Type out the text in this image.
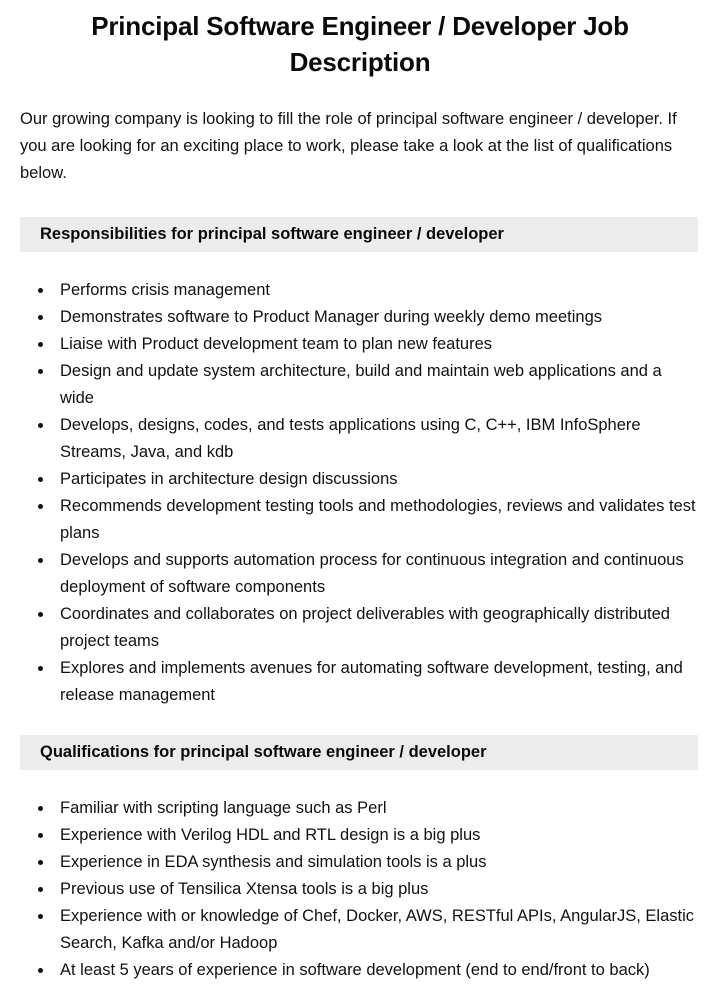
Principal Software Engineer / Developer Job Description

Our growing company is looking to fill the role of principal software engineer / developer. If you are looking for an exciting place to work, please take a look at the list of qualifications below.

Responsibilities for principal software engineer / developer
• Performs crisis management
• Demonstrates software to Product Manager during weekly demo meetings
• Liaise with Product development team to plan new features
• Design and update system architecture, build and maintain web applications and a wide
• Develops, designs, codes, and tests applications using C, C++, IBM InfoSphere Streams, Java, and kdb
• Participates in architecture design discussions
• Recommends development testing tools and methodologies, reviews and validates test plans
• Develops and supports automation process for continuous integration and continuous deployment of software components
• Coordinates and collaborates on project deliverables with geographically distributed project teams
• Explores and implements avenues for automating software development, testing, and release management
Qualifications for principal software engineer / developer
• Familiar with scripting language such as Perl
• Experience with Verilog HDL and RTL design is a big plus
• Experience in EDA synthesis and simulation tools is a plus
• Previous use of Tensilica Xtensa tools is a big plus
• Experience with or knowledge of Chef, Docker, AWS, RESTful APIs, AngularJS, Elastic Search, Kafka and/or Hadoop
• At least 5 years of experience in software development (end to end/front to back)
